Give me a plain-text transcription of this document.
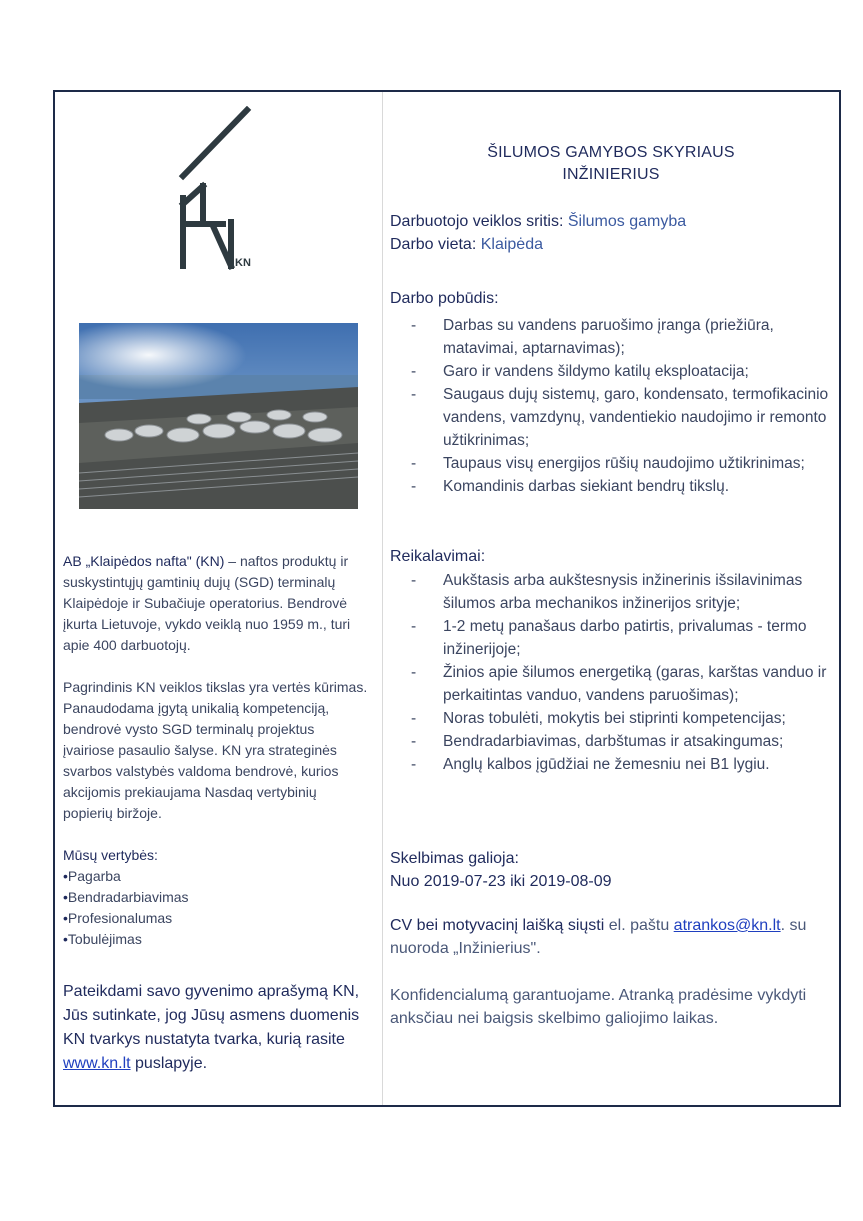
KN

AB „Klaipėdos nafta" (KN) – naftos produktų ir suskystintųjų gamtinių dujų (SGD) terminalų Klaipėdoje ir Subačiuje operatorius. Bendrovė įkurta Lietuvoje, vykdo veiklą nuo 1959 m., turi apie 400 darbuotojų.

Pagrindinis KN veiklos tikslas yra vertės kūrimas. Panaudodama įgytą unikalią kompetenciją, bendrovė vysto SGD terminalų projektus įvairiose pasaulio šalyse. KN yra strateginės svarbos valstybės valdoma bendrovė, kurios akcijomis prekiaujama Nasdaq vertybinių popierių biržoje.

Mūsų vertybės:
• Pagarba
• Bendradarbiavimas
• Profesionalumas
• Tobulėjimas
Pateikdami savo gyvenimo aprašymą KN, Jūs sutinkate, jog Jūsų asmens duomenis KN tvarkys nustatyta tvarka, kurią rasite www.kn.lt puslapyje.
ŠILUMOS GAMYBOS SKYRIAUS
INŽINIERIUS
Darbuotojo veiklos sritis: Šilumos gamyba
Darbo vieta: Klaipėda
Darbo pobūdis:
- Darbas su vandens paruošimo įranga (priežiūra, matavimai, aptarnavimas);
- Garo ir vandens šildymo katilų eksploatacija;
- Saugaus dujų sistemų, garo, kondensato, termofikacinio vandens, vamzdynų, vandentiekio naudojimo ir remonto užtikrinimas;
- Taupaus visų energijos rūšių naudojimo užtikrinimas;
- Komandinis darbas siekiant bendrų tikslų.
Reikalavimai:
- Aukštasis arba aukštesnysis inžinerinis išsilavinimas šilumos arba mechanikos inžinerijos srityje;
- 1-2 metų panašaus darbo patirtis, privalumas - termo inžinerijoje;
- Žinios apie šilumos energetiką (garas, karštas vanduo ir perkaitintas vanduo, vandens paruošimas);
- Noras tobulėti, mokytis bei stiprinti kompetencijas;
- Bendradarbiavimas, darbštumas ir atsakingumas;
- Anglų kalbos įgūdžiai ne žemesniu nei B1 lygiu.
Skelbimas galioja:
Nuo 2019-07-23 iki 2019-08-09
CV bei motyvacinį laišką siųsti el. paštu atrankos@kn.lt. su nuoroda „Inžinierius".
Konfidencialumą garantuojame. Atranką pradėsime vykdyti anksčiau nei baigsis skelbimo galiojimo laikas.
